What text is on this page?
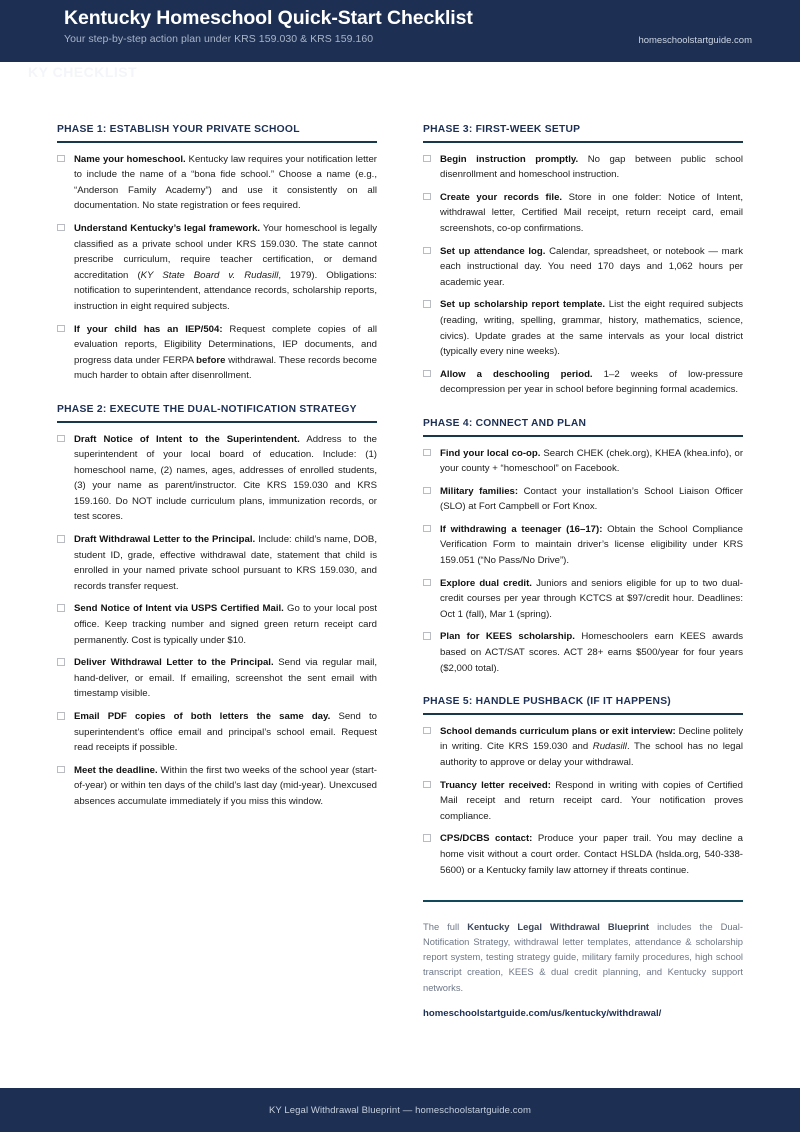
Kentucky Homeschool Quick-Start Checklist
Your step-by-step action plan under KRS 159.030 & KRS 159.160	homeschoolstartguide.com
KY CHECKLIST
PHASE 1: ESTABLISH YOUR PRIVATE SCHOOL
Name your homeschool. Kentucky law requires your notification letter to include the name of a “bona fide school.” Choose a name (e.g., “Anderson Family Academy”) and use it consistently on all documentation. No state registration or fees required.
Understand Kentucky’s legal framework. Your homeschool is legally classified as a private school under KRS 159.030. The state cannot prescribe curriculum, require teacher certification, or demand accreditation (KY State Board v. Rudasill, 1979). Obligations: notification to superintendent, attendance records, scholarship reports, instruction in eight required subjects.
If your child has an IEP/504: Request complete copies of all evaluation reports, Eligibility Determinations, IEP documents, and progress data under FERPA before withdrawal. These records become much harder to obtain after disenrollment.
PHASE 2: EXECUTE THE DUAL-NOTIFICATION STRATEGY
Draft Notice of Intent to the Superintendent. Address to the superintendent of your local board of education. Include: (1) homeschool name, (2) names, ages, addresses of enrolled students, (3) your name as parent/instructor. Cite KRS 159.030 and KRS 159.160. Do NOT include curriculum plans, immunization records, or test scores.
Draft Withdrawal Letter to the Principal. Include: child’s name, DOB, student ID, grade, effective withdrawal date, statement that child is enrolled in your named private school pursuant to KRS 159.030, and records transfer request.
Send Notice of Intent via USPS Certified Mail. Go to your local post office. Keep tracking number and signed green return receipt card permanently. Cost is typically under $10.
Deliver Withdrawal Letter to the Principal. Send via regular mail, hand-deliver, or email. If emailing, screenshot the sent email with timestamp visible.
Email PDF copies of both letters the same day. Send to superintendent’s office email and principal’s school email. Request read receipts if possible.
Meet the deadline. Within the first two weeks of the school year (start-of-year) or within ten days of the child’s last day (mid-year). Unexcused absences accumulate immediately if you miss this window.
PHASE 3: FIRST-WEEK SETUP
Begin instruction promptly. No gap between public school disenrollment and homeschool instruction.
Create your records file. Store in one folder: Notice of Intent, withdrawal letter, Certified Mail receipt, return receipt card, email screenshots, co-op confirmations.
Set up attendance log. Calendar, spreadsheet, or notebook — mark each instructional day. You need 170 days and 1,062 hours per academic year.
Set up scholarship report template. List the eight required subjects (reading, writing, spelling, grammar, history, mathematics, science, civics). Update grades at the same intervals as your local district (typically every nine weeks).
Allow a deschooling period. 1–2 weeks of low-pressure decompression per year in school before beginning formal academics.
PHASE 4: CONNECT AND PLAN
Find your local co-op. Search CHEK (chek.org), KHEA (khea.info), or your county + “homeschool” on Facebook.
Military families: Contact your installation’s School Liaison Officer (SLO) at Fort Campbell or Fort Knox.
If withdrawing a teenager (16–17): Obtain the School Compliance Verification Form to maintain driver’s license eligibility under KRS 159.051 (“No Pass/No Drive”).
Explore dual credit. Juniors and seniors eligible for up to two dual-credit courses per year through KCTCS at $97/credit hour. Deadlines: Oct 1 (fall), Mar 1 (spring).
Plan for KEES scholarship. Homeschoolers earn KEES awards based on ACT/SAT scores. ACT 28+ earns $500/year for four years ($2,000 total).
PHASE 5: HANDLE PUSHBACK (IF IT HAPPENS)
School demands curriculum plans or exit interview: Decline politely in writing. Cite KRS 159.030 and Rudasill. The school has no legal authority to approve or delay your withdrawal.
Truancy letter received: Respond in writing with copies of Certified Mail receipt and return receipt card. Your notification proves compliance.
CPS/DCBS contact: Produce your paper trail. You may decline a home visit without a court order. Contact HSLDA (hslda.org, 540-338-5600) or a Kentucky family law attorney if threats continue.
The full Kentucky Legal Withdrawal Blueprint includes the Dual-Notification Strategy, withdrawal letter templates, attendance & scholarship report system, testing strategy guide, military family procedures, high school transcript creation, KEES & dual credit planning, and Kentucky support networks.
homeschoolstartguide.com/us/kentucky/withdrawal/
KY Legal Withdrawal Blueprint — homeschoolstartguide.com
